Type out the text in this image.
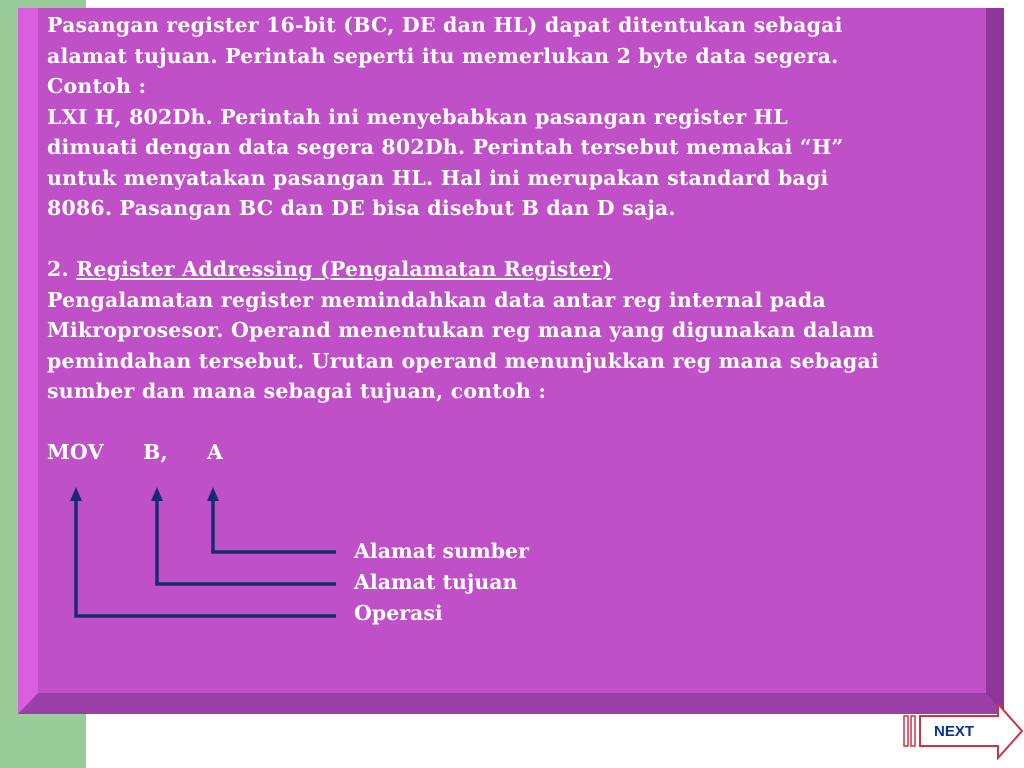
Pasangan register 16-bit (BC, DE dan HL) dapat ditentukan sebagai

alamat tujuan. Perintah seperti itu memerlukan 2 byte data segera.

Contoh :

LXI H, 802Dh. Perintah ini menyebabkan pasangan register HL

dimuati dengan data segera 802Dh. Perintah tersebut memakai “H”

untuk menyatakan pasangan HL. Hal ini merupakan standard bagi

8086. Pasangan BC dan DE bisa disebut B dan D saja.

2. Register Addressing (Pengalamatan Register)

Pengalamatan register memindahkan data antar reg internal pada

Mikroprosesor. Operand menentukan reg mana yang digunakan dalam

pemindahan tersebut. Urutan operand menunjukkan reg mana sebagai

sumber dan mana sebagai tujuan, contoh :

MOV B, A

Alamat sumber
Alamat tujuan
Operasi
NEXT
